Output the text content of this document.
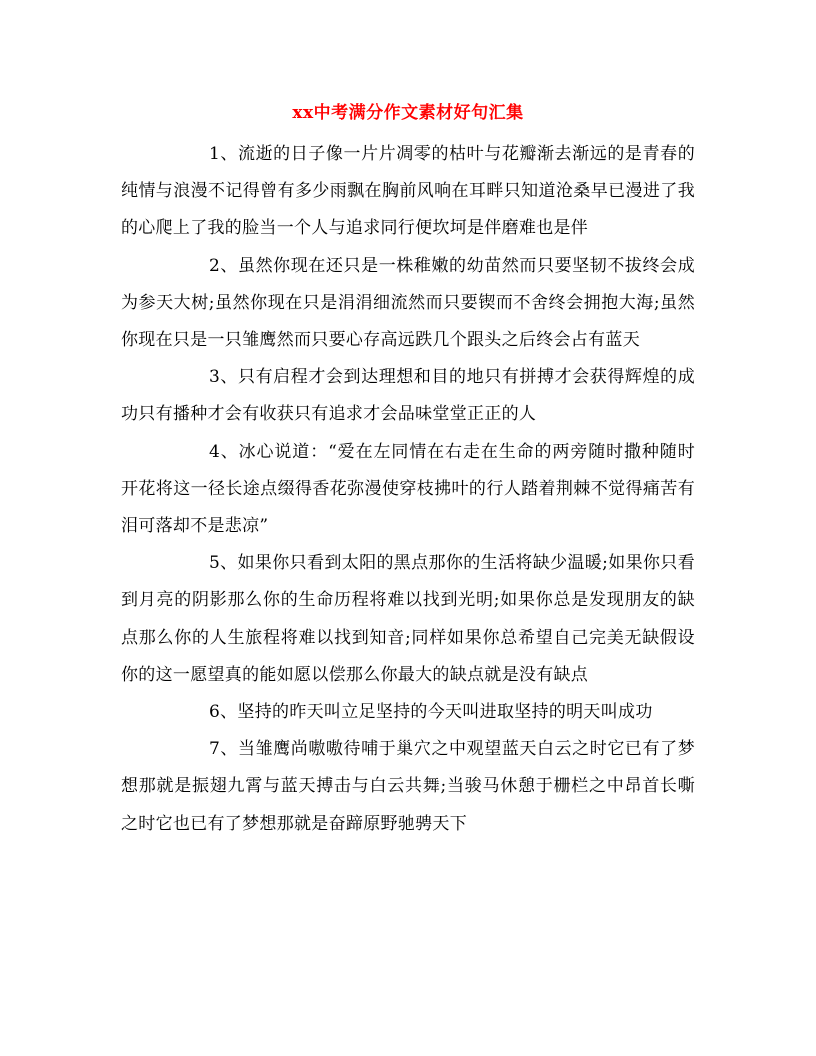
xx中考满分作文素材好句汇集

1、流逝的日子像一片片凋零的枯叶与花瓣渐去渐远的是青春的纯情与浪漫不记得曾有多少雨飘在胸前风响在耳畔只知道沧桑早已漫进了我的心爬上了我的脸当一个人与追求同行便坎坷是伴磨难也是伴

2、虽然你现在还只是一株稚嫩的幼苗然而只要坚韧不拔终会成为参天大树;虽然你现在只是涓涓细流然而只要锲而不舍终会拥抱大海;虽然你现在只是一只雏鹰然而只要心存高远跌几个跟头之后终会占有蓝天

3、只有启程才会到达理想和目的地只有拼搏才会获得辉煌的成功只有播种才会有收获只有追求才会品味堂堂正正的人

4、冰心说道：“爱在左同情在右走在生命的两旁随时撒种随时开花将这一径长途点缀得香花弥漫使穿枝拂叶的行人踏着荆棘不觉得痛苦有泪可落却不是悲凉”

5、如果你只看到太阳的黑点那你的生活将缺少温暖;如果你只看到月亮的阴影那么你的生命历程将难以找到光明;如果你总是发现朋友的缺点那么你的人生旅程将难以找到知音;同样如果你总希望自己完美无缺假设你的这一愿望真的能如愿以偿那么你最大的缺点就是没有缺点

6、坚持的昨天叫立足坚持的今天叫进取坚持的明天叫成功

7、当雏鹰尚嗷嗷待哺于巢穴之中观望蓝天白云之时它已有了梦想那就是振翅九霄与蓝天搏击与白云共舞;当骏马休憩于栅栏之中昂首长嘶之时它也已有了梦想那就是奋蹄原野驰骋天下
